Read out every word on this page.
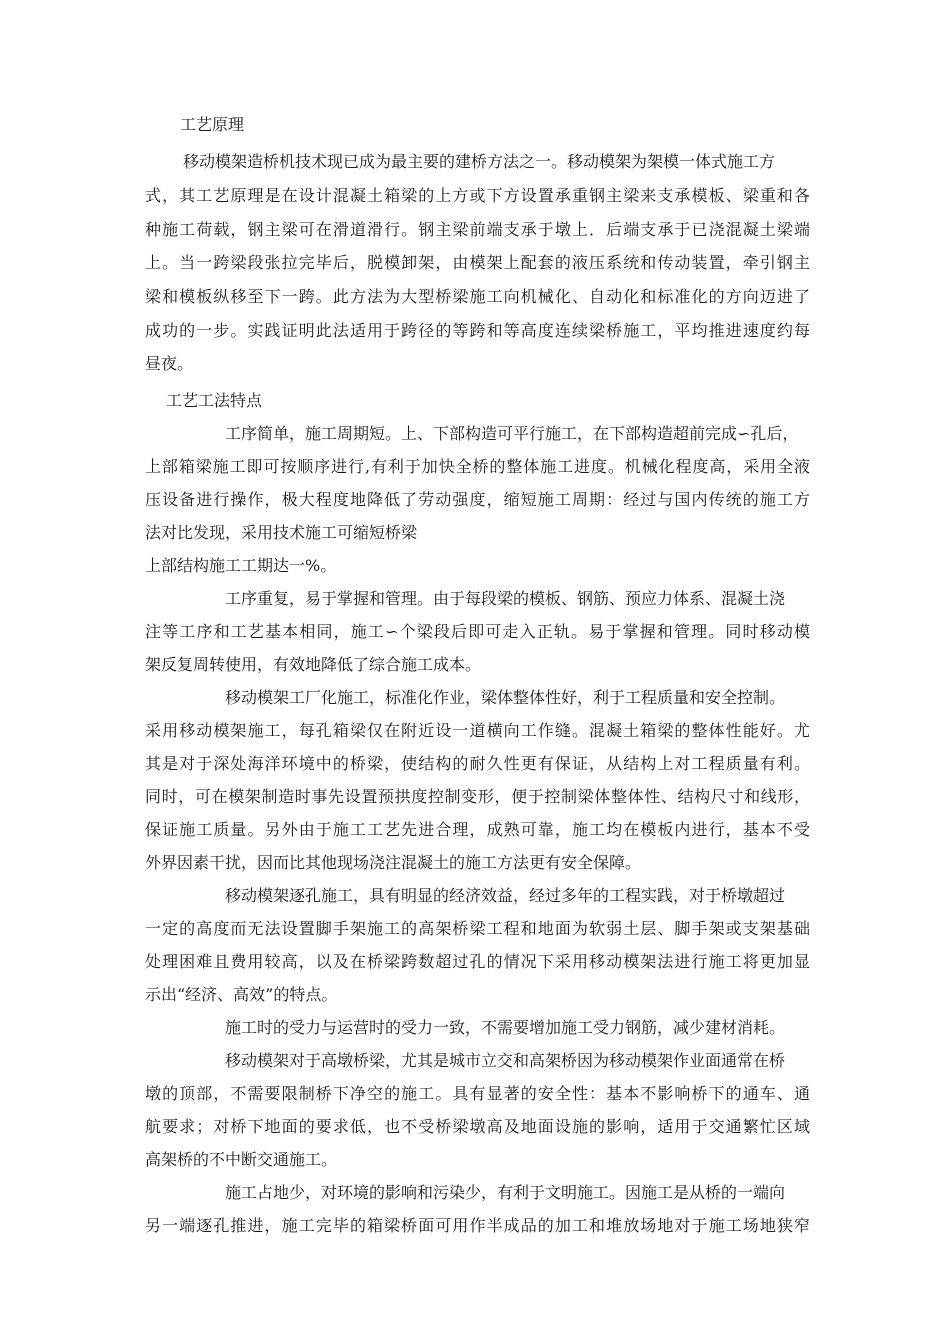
工艺原理

移动模架造桥机技术现已成为最主要的建桥方法之一。移动模架为架模一体式施工方

式，其工艺原理是在设计混凝土箱梁的上方或下方设置承重钢主梁来支承模板、梁重和各

种施工荷载，钢主梁可在滑道滑行。钢主梁前端支承于墩上．后端支承于已浇混凝土梁端

上。当一跨梁段张拉完毕后，脱模卸架，由模架上配套的液压系统和传动装置，牵引钢主

梁和模板纵移至下一跨。此方法为大型桥梁施工向机械化、自动化和标准化的方向迈进了

成功的一步。实践证明此法适用于跨径的等跨和等高度连续梁桥施工，平均推进速度约每

昼夜。

工艺工法特点

工序简单，施工周期短。上、下部构造可平行施工，在下部构造超前完成∽孔后，

上部箱梁施工即可按顺序进行,有利于加快全桥的整体施工进度。机械化程度高，采用全液

压设备进行操作，极大程度地降低了劳动强度，缩短施工周期：经过与国内传统的施工方

法对比发现，采用技术施工可缩短桥梁

上部结构施工工期达一%。

工序重复，易于掌握和管理。由于每段梁的模板、钢筋、预应力体系、混凝土浇

注等工序和工艺基本相同，施工∽个梁段后即可走入正轨。易于掌握和管理。同时移动模

架反复周转使用，有效地降低了综合施工成本。

移动模架工厂化施工，标准化作业，梁体整体性好，利于工程质量和安全控制。

采用移动模架施工，每孔箱梁仅在附近设一道横向工作缝。混凝土箱梁的整体性能好。尤

其是对于深处海洋环境中的桥梁，使结构的耐久性更有保证，从结构上对工程质量有利。

同时，可在模架制造时事先设置预拱度控制变形，便于控制梁体整体性、结构尺寸和线形，

保证施工质量。另外由于施工工艺先进合理，成熟可靠，施工均在模板内进行，基本不受

外界因素干扰，因而比其他现场浇注混凝土的施工方法更有安全保障。

移动模架逐孔施工，具有明显的经济效益，经过多年的工程实践，对于桥墩超过

一定的高度而无法设置脚手架施工的高架桥梁工程和地面为软弱土层、脚手架或支架基础

处理困难且费用较高，以及在桥梁跨数超过孔的情况下采用移动模架法进行施工将更加显

示出“经济、高效”的特点。

施工时的受力与运营时的受力一致，不需要增加施工受力钢筋，减少建材消耗。

移动模架对于高墩桥梁，尤其是城市立交和高架桥因为移动模架作业面通常在桥

墩的顶部，不需要限制桥下净空的施工。具有显著的安全性：基本不影响桥下的通车、通

航要求；对桥下地面的要求低，也不受桥梁墩高及地面设施的影响，适用于交通繁忙区域

高架桥的不中断交通施工。

施工占地少，对环境的影响和污染少，有利于文明施工。因施工是从桥的一端向

另一端逐孔推进，施工完毕的箱梁桥面可用作半成品的加工和堆放场地对于施工场地狭窄
